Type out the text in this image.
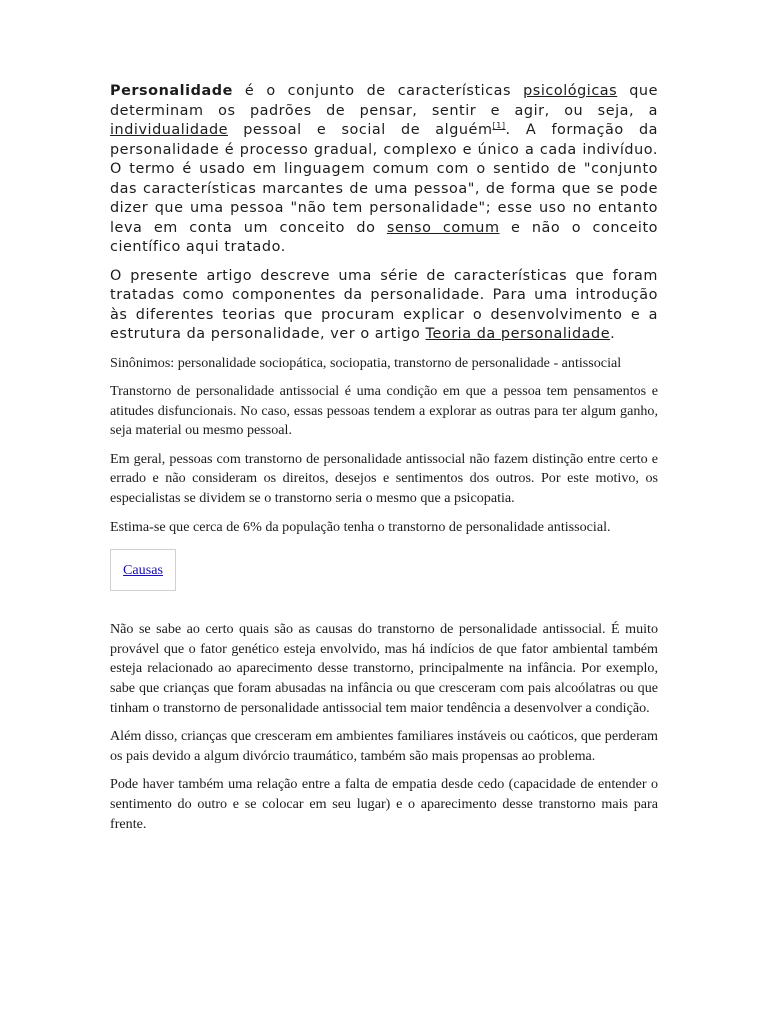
Personalidade é o conjunto de características psicológicas que determinam os padrões de pensar, sentir e agir, ou seja, a individualidade pessoal e social de alguém[1]. A formação da personalidade é processo gradual, complexo e único a cada indivíduo. O termo é usado em linguagem comum com o sentido de "conjunto das características marcantes de uma pessoa", de forma que se pode dizer que uma pessoa "não tem personalidade"; esse uso no entanto leva em conta um conceito do senso comum e não o conceito científico aqui tratado.

O presente artigo descreve uma série de características que foram tratadas como componentes da personalidade. Para uma introdução às diferentes teorias que procuram explicar o desenvolvimento e a estrutura da personalidade, ver o artigo Teoria da personalidade.

Sinônimos: personalidade sociopática, sociopatia, transtorno de personalidade - antissocial

Transtorno de personalidade antissocial é uma condição em que a pessoa tem pensamentos e atitudes disfuncionais. No caso, essas pessoas tendem a explorar as outras para ter algum ganho, seja material ou mesmo pessoal.

Em geral, pessoas com transtorno de personalidade antissocial não fazem distinção entre certo e errado e não consideram os direitos, desejos e sentimentos dos outros. Por este motivo, os especialistas se dividem se o transtorno seria o mesmo que a psicopatia.

Estima-se que cerca de 6% da população tenha o transtorno de personalidade antissocial.

Causas

Não se sabe ao certo quais são as causas do transtorno de personalidade antissocial. É muito provável que o fator genético esteja envolvido, mas há indícios de que fator ambiental também esteja relacionado ao aparecimento desse transtorno, principalmente na infância. Por exemplo, sabe que crianças que foram abusadas na infância ou que cresceram com pais alcoólatras ou que tinham o transtorno de personalidade antissocial tem maior tendência a desenvolver a condição.

Além disso, crianças que cresceram em ambientes familiares instáveis ou caóticos, que perderam os pais devido a algum divórcio traumático, também são mais propensas ao problema.

Pode haver também uma relação entre a falta de empatia desde cedo (capacidade de entender o sentimento do outro e se colocar em seu lugar) e o aparecimento desse transtorno mais para frente.
